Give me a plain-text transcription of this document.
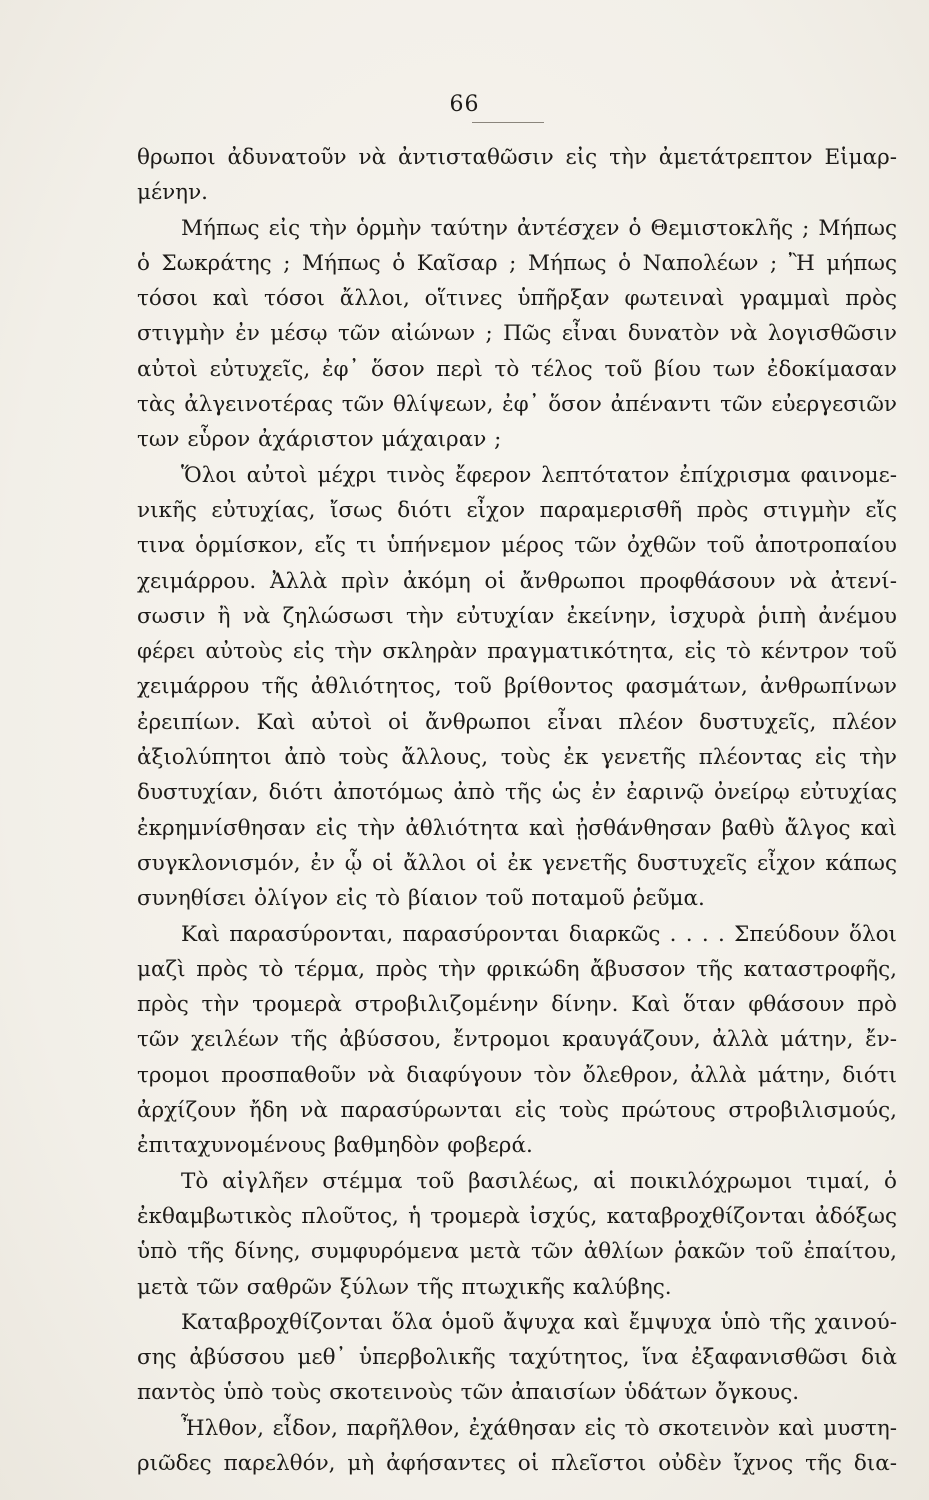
66
θρωποι ἀδυνατοῦν νὰ ἀντισταθῶσιν εἰς τὴν ἀμετάτρεπτον Εἱμαρ-
μένην.
Μήπως εἰς τὴν ὁρμὴν ταύτην ἀντέσχεν ὁ Θεμιστοκλῆς ; Μήπως
ὁ Σωκράτης ; Μήπως ὁ Καῖσαρ ; Μήπως ὁ Ναπολέων ; Ἢ μήπως
τόσοι καὶ τόσοι ἄλλοι, οἵτινες ὑπῆρξαν φωτειναὶ γραμμαὶ πρὸς
στιγμὴν ἐν μέσῳ τῶν αἰώνων ; Πῶς εἶναι δυνατὸν νὰ λογισθῶσιν
αὐτοὶ εὐτυχεῖς, ἐφ᾿ ὅσον περὶ τὸ τέλος τοῦ βίου των ἐδοκίμασαν
τὰς ἀλγεινοτέρας τῶν θλίψεων, ἐφ᾿ ὅσον ἀπέναντι τῶν εὐεργεσιῶν
των εὗρον ἀχάριστον μάχαιραν ;
Ὅλοι αὐτοὶ μέχρι τινὸς ἔφερον λεπτότατον ἐπίχρισμα φαινομε-
νικῆς εὐτυχίας, ἴσως διότι εἶχον παραμερισθῆ πρὸς στιγμὴν εἴς
τινα ὁρμίσκον, εἴς τι ὑπήνεμον μέρος τῶν ὀχθῶν τοῦ ἀποτροπαίου
χειμάρρου. Ἀλλὰ πρὶν ἀκόμη οἱ ἄνθρωποι προφθάσουν νὰ ἀτενί-
σωσιν ἢ νὰ ζηλώσωσι τὴν εὐτυχίαν ἐκείνην, ἰσχυρὰ ῥιπὴ ἀνέμου
φέρει αὐτοὺς εἰς τὴν σκληρὰν πραγματικότητα, εἰς τὸ κέντρον τοῦ
χειμάρρου τῆς ἀθλιότητος, τοῦ βρίθοντος φασμάτων, ἀνθρωπίνων
ἐρειπίων. Καὶ αὐτοὶ οἱ ἄνθρωποι εἶναι πλέον δυστυχεῖς, πλέον
ἀξιολύπητοι ἀπὸ τοὺς ἄλλους, τοὺς ἐκ γενετῆς πλέοντας εἰς τὴν
δυστυχίαν, διότι ἀποτόμως ἀπὸ τῆς ὡς ἐν ἐαρινῷ ὀνείρῳ εὐτυχίας
ἐκρημνίσθησαν εἰς τὴν ἀθλιότητα καὶ ᾐσθάνθησαν βαθὺ ἄλγος καὶ
συγκλονισμόν, ἐν ᾧ οἱ ἄλλοι οἱ ἐκ γενετῆς δυστυχεῖς εἶχον κάπως
συνηθίσει ὀλίγον εἰς τὸ βίαιον τοῦ ποταμοῦ ῥεῦμα.
Καὶ παρασύρονται, παρασύρονται διαρκῶς . . . . Σπεύδουν ὅλοι
μαζὶ πρὸς τὸ τέρμα, πρὸς τὴν φρικώδη ἄβυσσον τῆς καταστροφῆς,
πρὸς τὴν τρομερὰ στροβιλιζομένην δίνην. Καὶ ὅταν φθάσουν πρὸ
τῶν χειλέων τῆς ἀβύσσου, ἔντρομοι κραυγάζουν, ἀλλὰ μάτην, ἔν-
τρομοι προσπαθοῦν νὰ διαφύγουν τὸν ὄλεθρον, ἀλλὰ μάτην, διότι
ἀρχίζουν ἤδη νὰ παρασύρωνται εἰς τοὺς πρώτους στροβιλισμούς,
ἐπιταχυνομένους βαθμηδὸν φοβερά.
Τὸ αἰγλῆεν στέμμα τοῦ βασιλέως, αἱ ποικιλόχρωμοι τιμαί, ὁ
ἐκθαμβωτικὸς πλοῦτος, ἡ τρομερὰ ἰσχύς, καταβροχθίζονται ἀδόξως
ὑπὸ τῆς δίνης, συμφυρόμενα μετὰ τῶν ἀθλίων ῥακῶν τοῦ ἐπαίτου,
μετὰ τῶν σαθρῶν ξύλων τῆς πτωχικῆς καλύβης.
Καταβροχθίζονται ὅλα ὁμοῦ ἄψυχα καὶ ἔμψυχα ὑπὸ τῆς χαινού-
σης ἀβύσσου μεθ᾿ ὑπερβολικῆς ταχύτητος, ἵνα ἐξαφανισθῶσι διὰ
παντὸς ὑπὸ τοὺς σκοτεινοὺς τῶν ἀπαισίων ὑδάτων ὄγκους.
Ἦλθον, εἶδον, παρῆλθον, ἐχάθησαν εἰς τὸ σκοτεινὸν καὶ μυστη-
ριῶδες παρελθόν, μὴ ἀφήσαντες οἱ πλεῖστοι οὐδὲν ἴχνος τῆς δια-
